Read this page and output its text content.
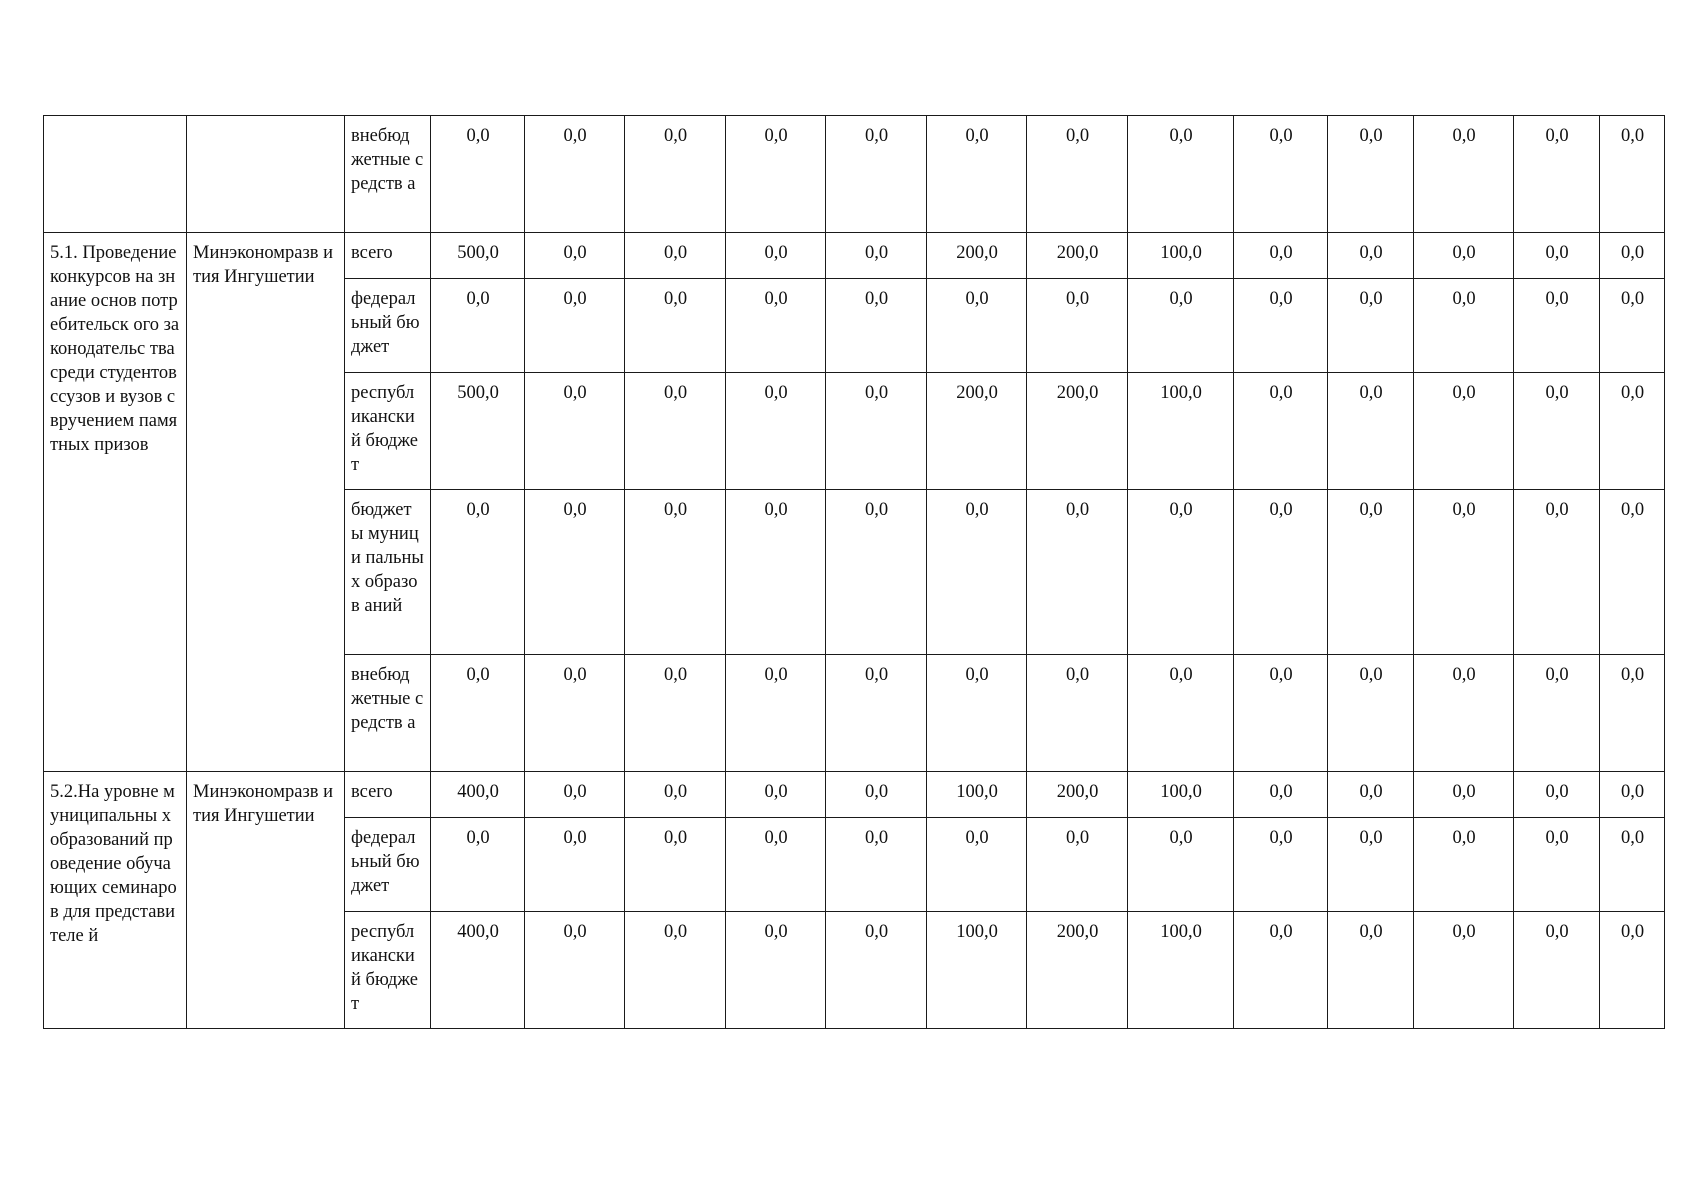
		внебюд жетные средств а	0,0	0,0	0,0	0,0	0,0	0,0	0,0	0,0	0,0	0,0	0,0	0,0	0,0
5.1. Проведение конкурсов на знание основ потребительск ого законодательс тва среди студентов ссузов и вузов с вручением памятных призов	Минэкономразв ития Ингушетии	всего	500,0	0,0	0,0	0,0	0,0	200,0	200,0	100,0	0,0	0,0	0,0	0,0	0,0
		федерал ьный бюджет	0,0	0,0	0,0	0,0	0,0	0,0	0,0	0,0	0,0	0,0	0,0	0,0	0,0
		республ икански й бюджет	500,0	0,0	0,0	0,0	0,0	200,0	200,0	100,0	0,0	0,0	0,0	0,0	0,0
		бюджет ы муници пальных образов аний	0,0	0,0	0,0	0,0	0,0	0,0	0,0	0,0	0,0	0,0	0,0	0,0	0,0
		внебюд жетные средств а	0,0	0,0	0,0	0,0	0,0	0,0	0,0	0,0	0,0	0,0	0,0	0,0	0,0
5.2.На уровне муниципальны х образований проведение обучающих семинаров для представителе й	Минэкономразв ития Ингушетии	всего	400,0	0,0	0,0	0,0	0,0	100,0	200,0	100,0	0,0	0,0	0,0	0,0	0,0
		федерал ьный бюджет	0,0	0,0	0,0	0,0	0,0	0,0	0,0	0,0	0,0	0,0	0,0	0,0	0,0
		республ икански й бюджет	400,0	0,0	0,0	0,0	0,0	100,0	200,0	100,0	0,0	0,0	0,0	0,0	0,0
